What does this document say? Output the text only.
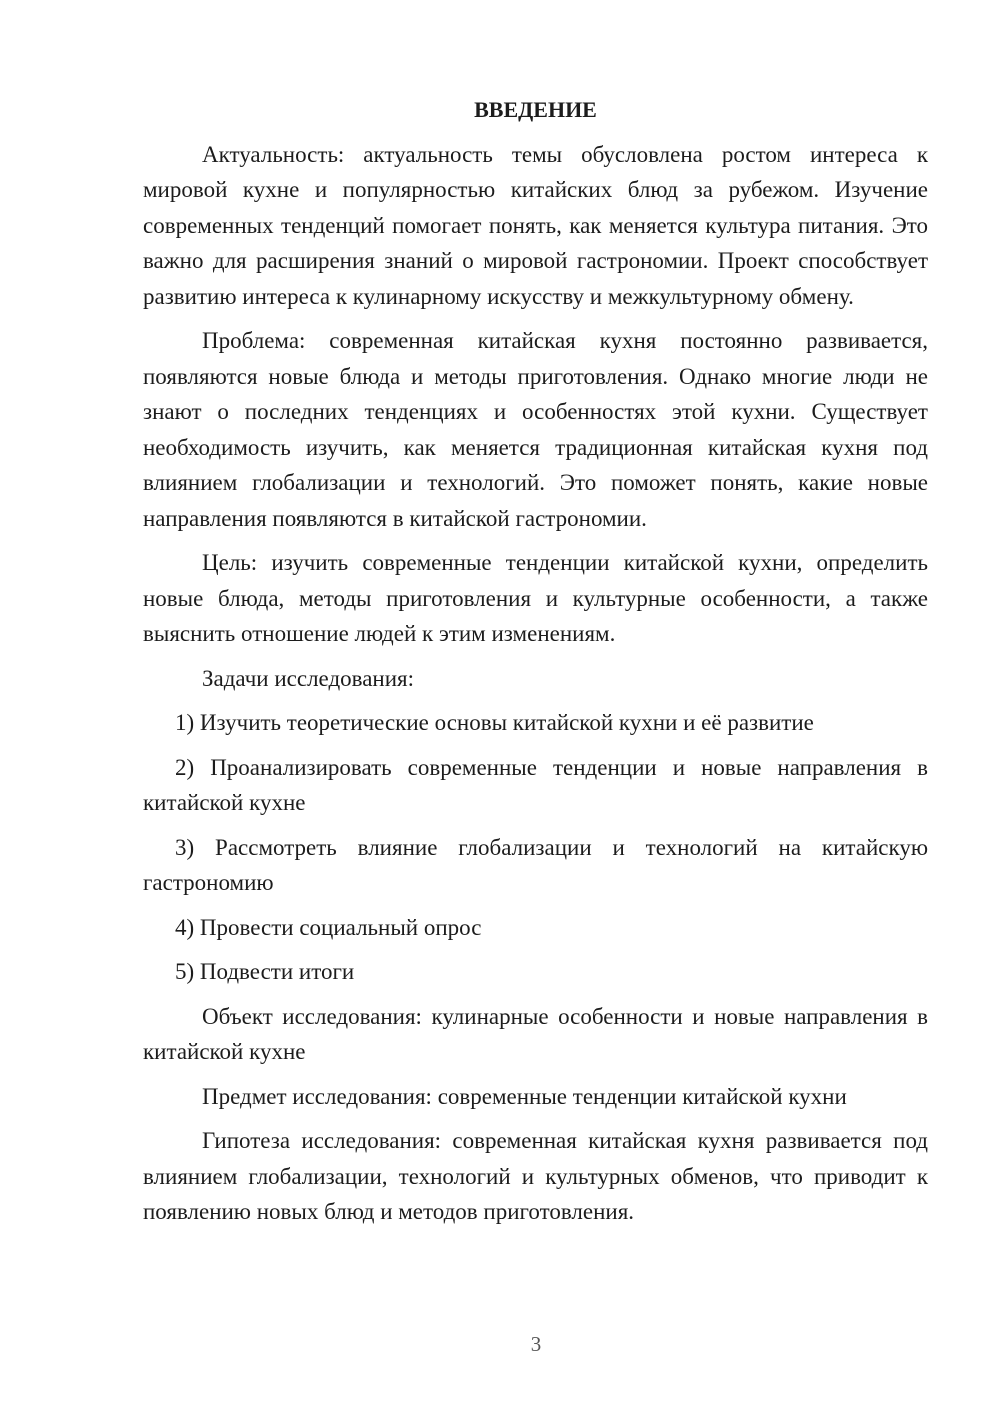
ВВЕДЕНИЕ

Актуальность: актуальность темы обусловлена ростом интереса к мировой кухне и популярностью китайских блюд за рубежом. Изучение современных тенденций помогает понять, как меняется культура питания. Это важно для расширения знаний о мировой гастрономии. Проект способствует развитию интереса к кулинарному искусству и межкультурному обмену.

Проблема: современная китайская кухня постоянно развивается, появляются новые блюда и методы приготовления. Однако многие люди не знают о последних тенденциях и особенностях этой кухни. Существует необходимость изучить, как меняется традиционная китайская кухня под влиянием глобализации и технологий. Это поможет понять, какие новые направления появляются в китайской гастрономии.

Цель: изучить современные тенденции китайской кухни, определить новые блюда, методы приготовления и культурные особенности, а также выяснить отношение людей к этим изменениям.

Задачи исследования:

1) Изучить теоретические основы китайской кухни и её развитие

2) Проанализировать современные тенденции и новые направления в китайской кухне

3) Рассмотреть влияние глобализации и технологий на китайскую гастрономию

4) Провести социальный опрос

5) Подвести итоги

Объект исследования: кулинарные особенности и новые направления в китайской кухне

Предмет исследования: современные тенденции китайской кухни

Гипотеза исследования: современная китайская кухня развивается под влиянием глобализации, технологий и культурных обменов, что приводит к появлению новых блюд и методов приготовления.

3
